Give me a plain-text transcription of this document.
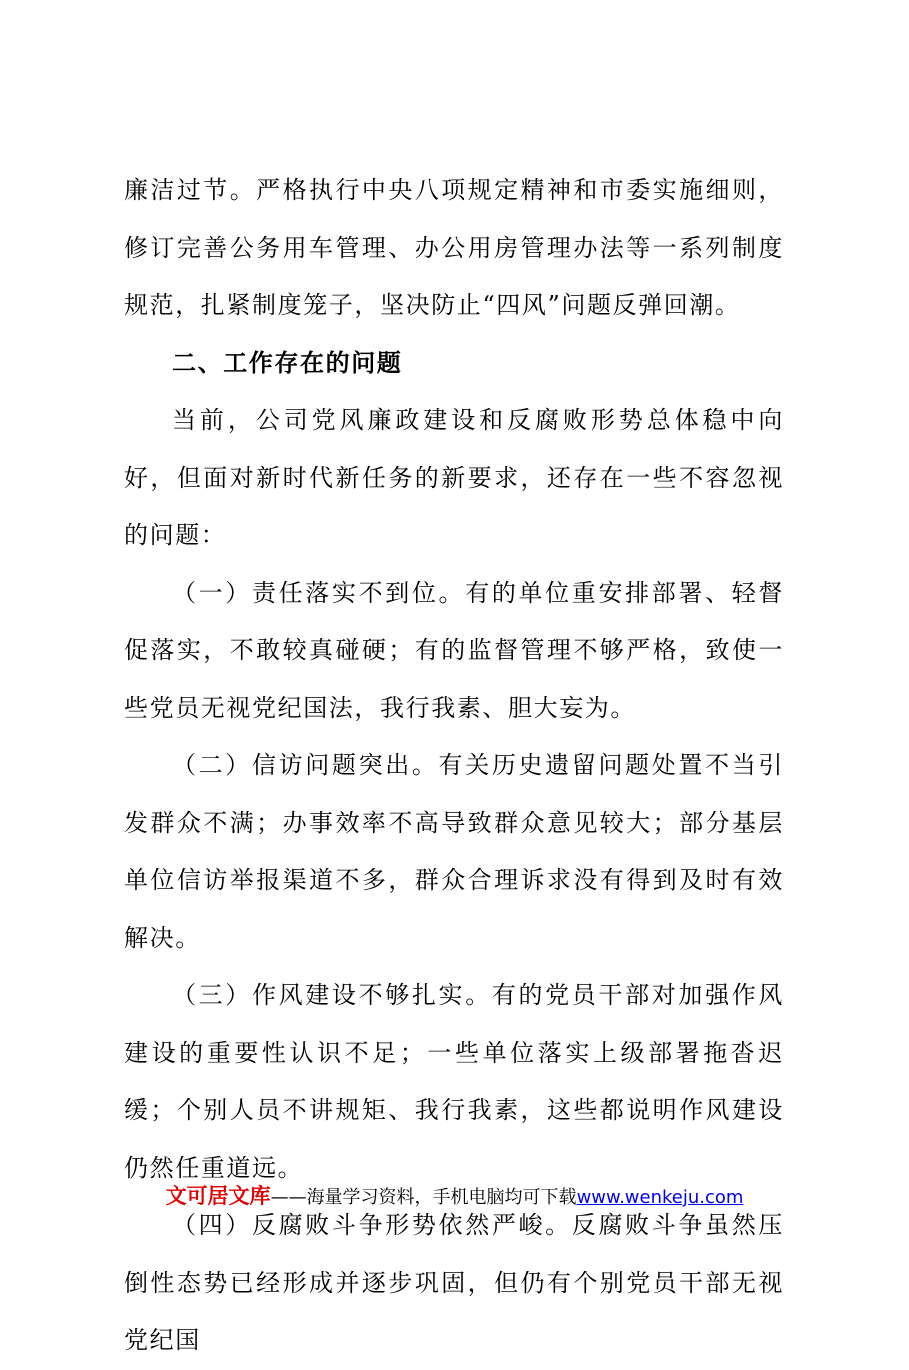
廉洁过节。严格执行中央八项规定精神和市委实施细则，修订完善公务用车管理、办公用房管理办法等一系列制度规范，扎紧制度笼子，坚决防止“四风”问题反弹回潮。

二、工作存在的问题

当前，公司党风廉政建设和反腐败形势总体稳中向好，但面对新时代新任务的新要求，还存在一些不容忽视的问题：

（一）责任落实不到位。有的单位重安排部署、轻督促落实，不敢较真碰硬；有的监督管理不够严格，致使一些党员无视党纪国法，我行我素、胆大妄为。

（二）信访问题突出。有关历史遗留问题处置不当引发群众不满；办事效率不高导致群众意见较大；部分基层单位信访举报渠道不多，群众合理诉求没有得到及时有效解决。

（三）作风建设不够扎实。有的党员干部对加强作风建设的重要性认识不足；一些单位落实上级部署拖沓迟缓；个别人员不讲规矩、我行我素，这些都说明作风建设仍然任重道远。

（四）反腐败斗争形势依然严峻。反腐败斗争虽然压倒性态势已经形成并逐步巩固，但仍有个别党员干部无视党纪国

文可居文库——海量学习资料，手机电脑均可下载www.wenkeju.com
